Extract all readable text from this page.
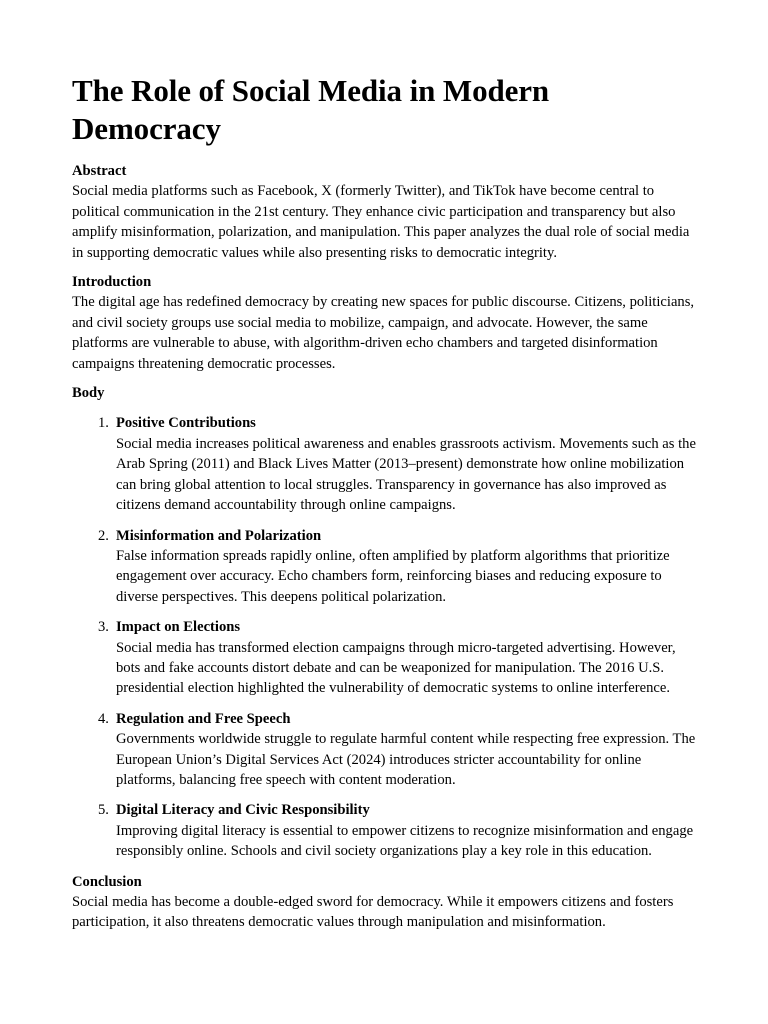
The Role of Social Media in Modern Democracy
Abstract
Social media platforms such as Facebook, X (formerly Twitter), and TikTok have become central to political communication in the 21st century. They enhance civic participation and transparency but also amplify misinformation, polarization, and manipulation. This paper analyzes the dual role of social media in supporting democratic values while also presenting risks to democratic integrity.
Introduction
The digital age has redefined democracy by creating new spaces for public discourse. Citizens, politicians, and civil society groups use social media to mobilize, campaign, and advocate. However, the same platforms are vulnerable to abuse, with algorithm-driven echo chambers and targeted disinformation campaigns threatening democratic processes.
Body
1. Positive Contributions
Social media increases political awareness and enables grassroots activism. Movements such as the Arab Spring (2011) and Black Lives Matter (2013–present) demonstrate how online mobilization can bring global attention to local struggles. Transparency in governance has also improved as citizens demand accountability through online campaigns.
2. Misinformation and Polarization
False information spreads rapidly online, often amplified by platform algorithms that prioritize engagement over accuracy. Echo chambers form, reinforcing biases and reducing exposure to diverse perspectives. This deepens political polarization.
3. Impact on Elections
Social media has transformed election campaigns through micro-targeted advertising. However, bots and fake accounts distort debate and can be weaponized for manipulation. The 2016 U.S. presidential election highlighted the vulnerability of democratic systems to online interference.
4. Regulation and Free Speech
Governments worldwide struggle to regulate harmful content while respecting free expression. The European Union’s Digital Services Act (2024) introduces stricter accountability for online platforms, balancing free speech with content moderation.
5. Digital Literacy and Civic Responsibility
Improving digital literacy is essential to empower citizens to recognize misinformation and engage responsibly online. Schools and civil society organizations play a key role in this education.
Conclusion
Social media has become a double-edged sword for democracy. While it empowers citizens and fosters participation, it also threatens democratic values through manipulation and misinformation.
